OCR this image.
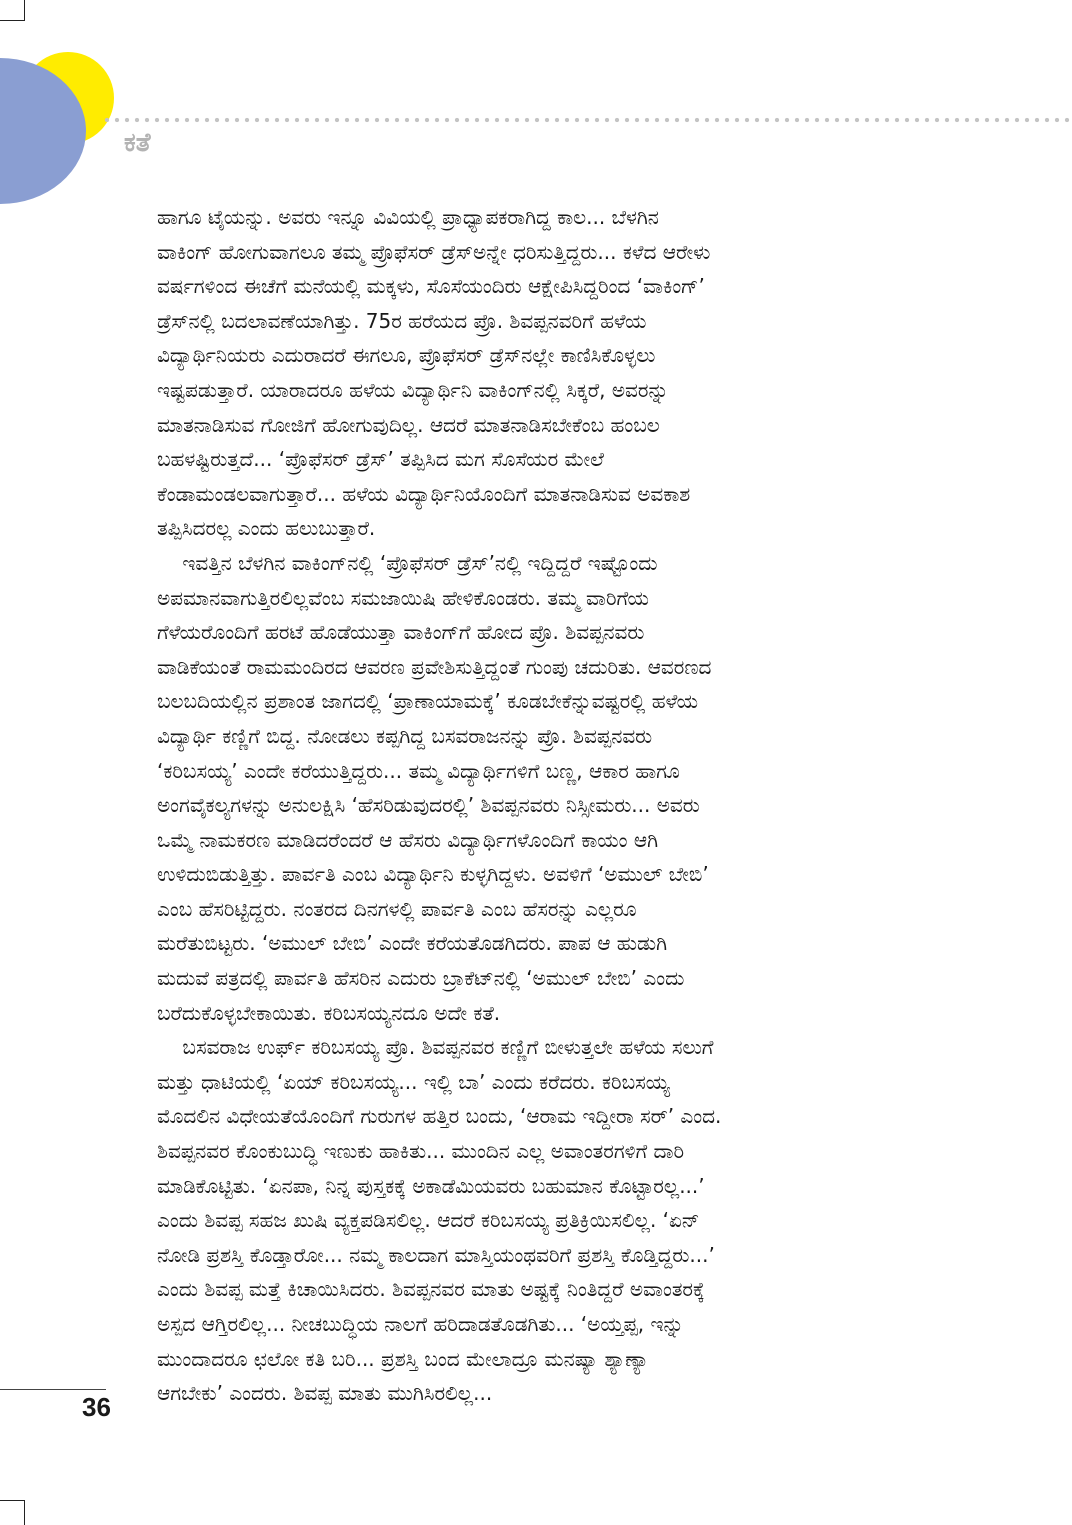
ಕತೆ
ಹಾಗೂ ಟೈಯನ್ನು. ಅವರು ಇನ್ನೂ ವಿವಿಯಲ್ಲಿ ಪ್ರಾಧ್ಯಾಪಕರಾಗಿದ್ದ ಕಾಲ... ಬೆಳಗಿನ
ವಾಕಿಂಗ್ ಹೋಗುವಾಗಲೂ ತಮ್ಮ ಪ್ರೊಫೆಸರ್ ಡ್ರೆಸ್‌ಅನ್ನೇ ಧರಿಸುತ್ತಿದ್ದರು... ಕಳೆದ ಆರೇಳು
ವರ್ಷಗಳಿಂದ ಈಚೆಗೆ ಮನೆಯಲ್ಲಿ ಮಕ್ಕಳು, ಸೊಸೆಯಂದಿರು ಆಕ್ಷೇಪಿಸಿದ್ದರಿಂದ ‘ವಾಕಿಂಗ್’
ಡ್ರೆಸ್‌ನಲ್ಲಿ ಬದಲಾವಣೆಯಾಗಿತ್ತು. 75ರ ಹರೆಯದ ಪ್ರೊ. ಶಿವಪ್ಪನವರಿಗೆ ಹಳೆಯ
ವಿದ್ಯಾರ್ಥಿನಿಯರು ಎದುರಾದರೆ ಈಗಲೂ, ಪ್ರೊಫೆಸರ್ ಡ್ರೆಸ್‌ನಲ್ಲೇ ಕಾಣಿಸಿಕೊಳ್ಳಲು
ಇಷ್ಟಪಡುತ್ತಾರೆ. ಯಾರಾದರೂ ಹಳೆಯ ವಿದ್ಯಾರ್ಥಿನಿ ವಾಕಿಂಗ್‌ನಲ್ಲಿ ಸಿಕ್ಕರೆ, ಅವರನ್ನು
ಮಾತನಾಡಿಸುವ ಗೋಜಿಗೆ ಹೋಗುವುದಿಲ್ಲ. ಆದರೆ ಮಾತನಾಡಿಸಬೇಕೆಂಬ ಹಂಬಲ
ಬಹಳಷ್ಟಿರುತ್ತದೆ... ‘ಪ್ರೊಫೆಸರ್ ಡ್ರೆಸ್’ ತಪ್ಪಿಸಿದ ಮಗ ಸೊಸೆಯರ ಮೇಲೆ
ಕೆಂಡಾಮಂಡಲವಾಗುತ್ತಾರೆ... ಹಳೆಯ ವಿದ್ಯಾರ್ಥಿನಿಯೊಂದಿಗೆ ಮಾತನಾಡಿಸುವ ಅವಕಾಶ
ತಪ್ಪಿಸಿದರಲ್ಲ ಎಂದು ಹಲುಬುತ್ತಾರೆ.
ಇವತ್ತಿನ ಬೆಳಗಿನ ವಾಕಿಂಗ್‌ನಲ್ಲಿ ‘ಪ್ರೊಫೆಸರ್ ಡ್ರೆಸ್’ನಲ್ಲಿ ಇದ್ದಿದ್ದರೆ ಇಷ್ಟೊಂದು
ಅಪಮಾನವಾಗುತ್ತಿರಲಿಲ್ಲವೆಂಬ ಸಮಜಾಯಿಷಿ ಹೇಳಿಕೊಂಡರು. ತಮ್ಮ ವಾರಿಗೆಯ
ಗೆಳೆಯರೊಂದಿಗೆ ಹರಟೆ ಹೊಡೆಯುತ್ತಾ ವಾಕಿಂಗ್‌ಗೆ ಹೋದ ಪ್ರೊ. ಶಿವಪ್ಪನವರು
ವಾಡಿಕೆಯಂತೆ ರಾಮಮಂದಿರದ ಆವರಣ ಪ್ರವೇಶಿಸುತ್ತಿದ್ದಂತೆ ಗುಂಪು ಚದುರಿತು. ಆವರಣದ
ಬಲಬದಿಯಲ್ಲಿನ ಪ್ರಶಾಂತ ಜಾಗದಲ್ಲಿ ‘ಪ್ರಾಣಾಯಾಮಕ್ಕೆ’ ಕೂಡಬೇಕೆನ್ನುವಷ್ಟರಲ್ಲಿ ಹಳೆಯ
ವಿದ್ಯಾರ್ಥಿ ಕಣ್ಣಿಗೆ ಬಿದ್ದ. ನೋಡಲು ಕಪ್ಪಗಿದ್ದ ಬಸವರಾಜನನ್ನು ಪ್ರೊ. ಶಿವಪ್ಪನವರು
‘ಕರಿಬಸಯ್ಯ’ ಎಂದೇ ಕರೆಯುತ್ತಿದ್ದರು... ತಮ್ಮ ವಿದ್ಯಾರ್ಥಿಗಳಿಗೆ ಬಣ್ಣ, ಆಕಾರ ಹಾಗೂ
ಅಂಗವೈಕಲ್ಯಗಳನ್ನು ಅನುಲಕ್ಷಿಸಿ ‘ಹೆಸರಿಡುವುದರಲ್ಲಿ’ ಶಿವಪ್ಪನವರು ನಿಸ್ಸೀಮರು... ಅವರು
ಒಮ್ಮೆ ನಾಮಕರಣ ಮಾಡಿದರೆಂದರೆ ಆ ಹೆಸರು ವಿದ್ಯಾರ್ಥಿಗಳೊಂದಿಗೆ ಕಾಯಂ ಆಗಿ
ಉಳಿದುಬಿಡುತ್ತಿತ್ತು. ಪಾರ್ವತಿ ಎಂಬ ವಿದ್ಯಾರ್ಥಿನಿ ಕುಳ್ಳಗಿದ್ದಳು. ಅವಳಿಗೆ ‘ಅಮುಲ್ ಬೇಬಿ’
ಎಂಬ ಹೆಸರಿಟ್ಟಿದ್ದರು. ನಂತರದ ದಿನಗಳಲ್ಲಿ ಪಾರ್ವತಿ ಎಂಬ ಹೆಸರನ್ನು ಎಲ್ಲರೂ
ಮರೆತುಬಿಟ್ಟರು. ‘ಅಮುಲ್ ಬೇಬಿ’ ಎಂದೇ ಕರೆಯತೊಡಗಿದರು. ಪಾಪ ಆ ಹುಡುಗಿ
ಮದುವೆ ಪತ್ರದಲ್ಲಿ ಪಾರ್ವತಿ ಹೆಸರಿನ ಎದುರು ಬ್ರಾಕೆಟ್‌ನಲ್ಲಿ ‘ಅಮುಲ್ ಬೇಬಿ’ ಎಂದು
ಬರೆದುಕೊಳ್ಳಬೇಕಾಯಿತು. ಕರಿಬಸಯ್ಯನದೂ ಅದೇ ಕತೆ.
ಬಸವರಾಜ ಉರ್ಫ್ ಕರಿಬಸಯ್ಯ ಪ್ರೊ. ಶಿವಪ್ಪನವರ ಕಣ್ಣಿಗೆ ಬೀಳುತ್ತಲೇ ಹಳೆಯ ಸಲುಗೆ
ಮತ್ತು ಧಾಟಿಯಲ್ಲಿ ‘ಏಯ್ ಕರಿಬಸಯ್ಯ... ಇಲ್ಲಿ ಬಾ’ ಎಂದು ಕರೆದರು. ಕರಿಬಸಯ್ಯ
ಮೊದಲಿನ ವಿಧೇಯತೆಯೊಂದಿಗೆ ಗುರುಗಳ ಹತ್ತಿರ ಬಂದು, ‘ಆರಾಮ ಇದ್ದೀರಾ ಸರ್’ ಎಂದ.
ಶಿವಪ್ಪನವರ ಕೊಂಕುಬುದ್ಧಿ ಇಣುಕು ಹಾಕಿತು... ಮುಂದಿನ ಎಲ್ಲ ಅವಾಂತರಗಳಿಗೆ ದಾರಿ
ಮಾಡಿಕೊಟ್ಟಿತು. ‘ಏನಪಾ, ನಿನ್ನ ಪುಸ್ತಕಕ್ಕೆ ಅಕಾಡೆಮಿಯವರು ಬಹುಮಾನ ಕೊಟ್ಟಾರಲ್ಲ...’
ಎಂದು ಶಿವಪ್ಪ ಸಹಜ ಖುಷಿ ವ್ಯಕ್ತಪಡಿಸಲಿಲ್ಲ. ಆದರೆ ಕರಿಬಸಯ್ಯ ಪ್ರತಿಕ್ರಿಯಿಸಲಿಲ್ಲ. ‘ಏನ್
ನೋಡಿ ಪ್ರಶಸ್ತಿ ಕೊಡ್ತಾರೋ... ನಮ್ಮ ಕಾಲದಾಗ ಮಾಸ್ತಿಯಂಥವರಿಗೆ ಪ್ರಶಸ್ತಿ ಕೊಡ್ತಿದ್ದರು...’
ಎಂದು ಶಿವಪ್ಪ ಮತ್ತೆ ಕಿಚಾಯಿಸಿದರು. ಶಿವಪ್ಪನವರ ಮಾತು ಅಷ್ಟಕ್ಕೆ ನಿಂತಿದ್ದರೆ ಅವಾಂತರಕ್ಕೆ
ಅಸ್ಪದ ಆಗ್ತಿರಲಿಲ್ಲ... ನೀಚಬುದ್ಧಿಯ ನಾಲಗೆ ಹರಿದಾಡತೊಡಗಿತು... ‘ಅಯ್ತಪ್ಪ, ಇನ್ನು
ಮುಂದಾದರೂ ಛಲೋ ಕತಿ ಬರಿ... ಪ್ರಶಸ್ತಿ ಬಂದ ಮೇಲಾದ್ರೂ ಮನಷ್ಯಾ ಶ್ಯಾಣ್ಯಾ
ಆಗಬೇಕು’ ಎಂದರು. ಶಿವಪ್ಪ ಮಾತು ಮುಗಿಸಿರಲಿಲ್ಲ...
36
